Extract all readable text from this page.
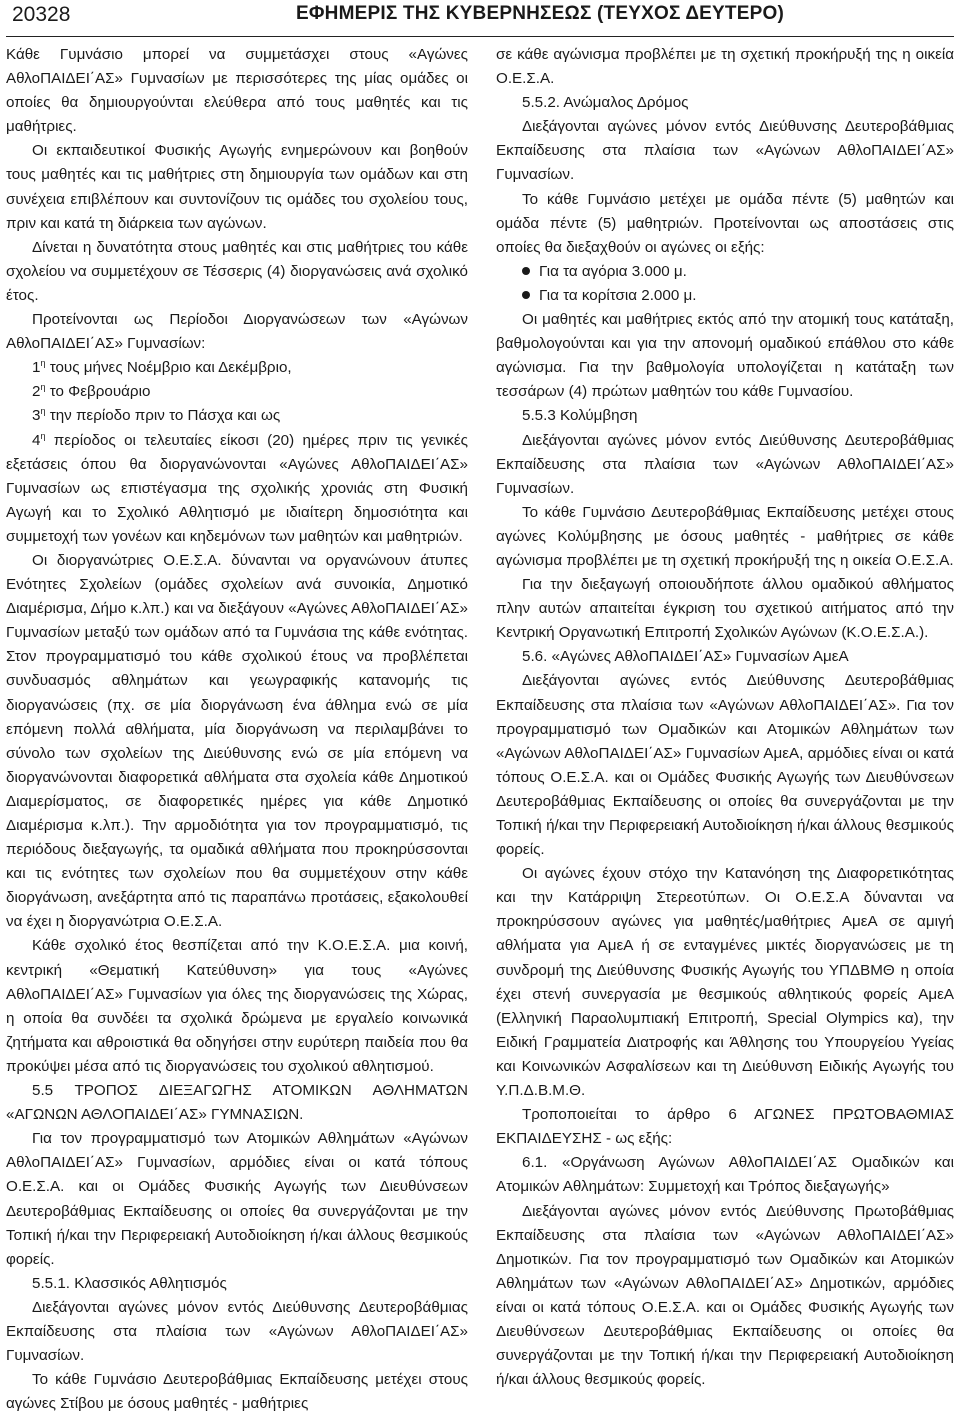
20328	ΕΦΗΜΕΡΙΣ ΤΗΣ ΚΥΒΕΡΝΗΣΕΩΣ (ΤΕΥΧΟΣ ΔΕΥΤΕΡΟ)

Κάθε Γυμνάσιο μπορεί να συμμετάσχει στους «Αγώνες ΑθλοΠΑΙΔΕΙ΄ΑΣ» Γυμνασίων με περισσότερες της μίας ομάδες οι οποίες θα δημιουργούνται ελεύθερα από τους μαθητές και τις μαθήτριες.

Οι εκπαιδευτικοί Φυσικής Αγωγής ενημερώνουν και βοηθούν τους μαθητές και τις μαθήτριες στη δημιουργία των ομάδων και στη συνέχεια επιβλέπουν και συντονίζουν τις ομάδες του σχολείου τους, πριν και κατά τη διάρκεια των αγώνων.

Δίνεται η δυνατότητα στους μαθητές και στις μαθήτριες του κάθε σχολείου να συμμετέχουν σε Τέσσερις (4) διοργανώσεις ανά σχολικό έτος.

Προτείνονται ως Περίοδοι Διοργανώσεων των «Αγώνων ΑθλοΠΑΙΔΕΙ΄ΑΣ» Γυμνασίων:

$1^\eta$ τους μήνες Νοέμβριο και Δεκέμβριο,

$2^\eta$ το Φεβρουάριο

$3^\eta$ την περίοδο πριν το Πάσχα και ως

$4^\eta$ περίοδος οι τελευταίες είκοσι (20) ημέρες πριν τις γενικές εξετάσεις όπου θα διοργανώνονται «Αγώνες ΑθλοΠΑΙΔΕΙ΄ΑΣ» Γυμνασίων ως επιστέγασμα της σχολικής χρονιάς στη Φυσική Αγωγή και το Σχολικό Αθλητισμό με ιδιαίτερη δημοσιότητα και συμμετοχή των γονέων και κηδεμόνων των μαθητών και μαθητριών.

Οι διοργανώτριες Ο.Ε.Σ.Α. δύνανται να οργανώνουν άτυπες Ενότητες Σχολείων (ομάδες σχολείων ανά συνοικία, Δημοτικό Διαμέρισμα, Δήμο κ.λπ.) και να διεξάγουν «Αγώνες ΑθλοΠΑΙΔΕΙ΄ΑΣ» Γυμνασίων μεταξύ των ομάδων από τα Γυμνάσια της κάθε ενότητας. Στον προγραμματισμό του κάθε σχολικού έτους να προβλέπεται συνδυασμός αθλημάτων και γεωγραφικής κατανομής τις διοργανώσεις (πχ. σε μία διοργάνωση ένα άθλημα ενώ σε μία επόμενη πολλά αθλήματα, μία διοργάνωση να περιλαμβάνει το σύνολο των σχολείων της Διεύθυνσης ενώ σε μία επόμενη να διοργανώνονται διαφορετικά αθλήματα στα σχολεία κάθε Δημοτικού Διαμερίσματος, σε διαφορετικές ημέρες για κάθε Δημοτικό Διαμέρισμα κ.λπ.). Την αρμοδιότητα για τον προγραμματισμό, τις περιόδους διεξαγωγής, τα ομαδικά αθλήματα που προκηρύσσονται και τις ενότητες των σχολείων που θα συμμετέχουν στην κάθε διοργάνωση, ανεξάρτητα από τις παραπάνω προτάσεις, εξακολουθεί να έχει η διοργανώτρια Ο.Ε.Σ.Α.

Κάθε σχολικό έτος θεσπίζεται από την Κ.Ο.Ε.Σ.Α. μια κοινή, κεντρική «Θεματική Κατεύθυνση» για τους «Αγώνες ΑθλοΠΑΙΔΕΙ΄ΑΣ» Γυμνασίων για όλες της διοργανώσεις της Χώρας, η οποία θα συνδέει τα σχολικά δρώμενα με εργαλείο κοινωνικά ζητήματα και αθροιστικά θα οδηγήσει στην ευρύτερη παιδεία που θα προκύψει μέσα από τις διοργανώσεις του σχολικού αθλητισμού.

5.5 ΤΡΟΠΟΣ ΔΙΕΞΑΓΩΓΗΣ ΑΤΟΜΙΚΩΝ ΑΘΛΗΜΑΤΩΝ «ΑΓΩΝΩΝ ΑΘΛΟΠΑΙΔΕΙ΄ΑΣ» ΓΥΜΝΑΣΙΩΝ.

Για τον προγραμματισμό των Ατομικών Αθλημάτων «Αγώνων ΑθλοΠΑΙΔΕΙ΄ΑΣ» Γυμνασίων, αρμόδιες είναι οι κατά τόπους Ο.Ε.Σ.Α. και οι Ομάδες Φυσικής Αγωγής των Διευθύνσεων Δευτεροβάθμιας Εκπαίδευσης οι οποίες θα συνεργάζονται με την Τοπική ή/και την Περιφερειακή Αυτοδιοίκηση ή/και άλλους θεσμικούς φορείς.

5.5.1. Κλασσικός Αθλητισμός

Διεξάγονται αγώνες μόνον εντός Διεύθυνσης Δευτεροβάθμιας Εκπαίδευσης στα πλαίσια των «Αγώνων ΑθλοΠΑΙΔΕΙ΄ΑΣ» Γυμνασίων.

Το κάθε Γυμνάσιο Δευτεροβάθμιας Εκπαίδευσης μετέχει στους αγώνες Στίβου με όσους μαθητές - μαθήτριες

σε κάθε αγώνισμα προβλέπει με τη σχετική προκήρυξή της η οικεία Ο.Ε.Σ.Α.

5.5.2. Ανώμαλος Δρόμος

Διεξάγονται αγώνες μόνον εντός Διεύθυνσης Δευτεροβάθμιας Εκπαίδευσης στα πλαίσια των «Αγώνων ΑθλοΠΑΙΔΕΙ΄ΑΣ» Γυμνασίων.

Το κάθε Γυμνάσιο μετέχει με ομάδα πέντε (5) μαθητών και ομάδα πέντε (5) μαθητριών. Προτείνονται ως αποστάσεις στις οποίες θα διεξαχθούν οι αγώνες οι εξής:

Για τα αγόρια 3.000 μ.

Για τα κορίτσια 2.000 μ.

Οι μαθητές και μαθήτριες εκτός από την ατομική τους κατάταξη, βαθμολογούνται και για την απονομή ομαδικού επάθλου στο κάθε αγώνισμα. Για την βαθμολογία υπολογίζεται η κατάταξη των τεσσάρων (4) πρώτων μαθητών του κάθε Γυμνασίου.

5.5.3 Κολύμβηση

Διεξάγονται αγώνες μόνον εντός Διεύθυνσης Δευτεροβάθμιας Εκπαίδευσης στα πλαίσια των «Αγώνων ΑθλοΠΑΙΔΕΙ΄ΑΣ» Γυμνασίων.

Το κάθε Γυμνάσιο Δευτεροβάθμιας Εκπαίδευσης μετέχει στους αγώνες Κολύμβησης με όσους μαθητές - μαθήτριες σε κάθε αγώνισμα προβλέπει με τη σχετική προκήρυξή της η οικεία Ο.Ε.Σ.Α.

Για την διεξαγωγή οποιουδήποτε άλλου ομαδικού αθλήματος πλην αυτών απαιτείται έγκριση του σχετικού αιτήματος από την Κεντρική Οργανωτική Επιτροπή Σχολικών Αγώνων (Κ.Ο.Ε.Σ.Α.).

5.6. «Αγώνες ΑθλοΠΑΙΔΕΙ΄ΑΣ» Γυμνασίων ΑμεΑ

Διεξάγονται αγώνες εντός Διεύθυνσης Δευτεροβάθμιας Εκπαίδευσης στα πλαίσια των «Αγώνων ΑθλοΠΑΙΔΕΙ΄ΑΣ». Για τον προγραμματισμό των Ομαδικών και Ατομικών Αθλημάτων των «Αγώνων ΑθλοΠΑΙΔΕΙ΄ΑΣ» Γυμνασίων ΑμεΑ, αρμόδιες είναι οι κατά τόπους Ο.Ε.Σ.Α. και οι Ομάδες Φυσικής Αγωγής των Διευθύνσεων Δευτεροβάθμιας Εκπαίδευσης οι οποίες θα συνεργάζονται με την Τοπική ή/και την Περιφερειακή Αυτοδιοίκηση ή/και άλλους θεσμικούς φορείς.

Οι αγώνες έχουν στόχο την Κατανόηση της Διαφορετικότητας και την Κατάρριψη Στερεοτύπων. Οι Ο.Ε.Σ.Α δύνανται να προκηρύσσουν αγώνες για μαθητές/μαθήτριες ΑμεΑ σε αμιγή αθλήματα για ΑμεΑ ή σε ενταγμένες μικτές διοργανώσεις με τη συνδρομή της Διεύθυνσης Φυσικής Αγωγής του ΥΠΔΒΜΘ η οποία έχει στενή συνεργασία με θεσμικούς αθλητικούς φορείς ΑμεΑ (Ελληνική Παραολυμπιακή Επιτροπή, Special Olympics κα), την Ειδική Γραμματεία Διατροφής και Άθλησης του Υπουργείου Υγείας και Κοινωνικών Ασφαλίσεων και τη Διεύθυνση Ειδικής Αγωγής του Υ.Π.Δ.Β.Μ.Θ.

Τροποποιείται το άρθρο 6 ΑΓΩΝΕΣ ΠΡΩΤΟΒΑΘΜΙΑΣ ΕΚΠΑΙΔΕΥΣΗΣ - ως εξής:

6.1. «Οργάνωση Αγώνων ΑθλοΠΑΙΔΕΙ΄ΑΣ Ομαδικών και Ατομικών Αθλημάτων: Συμμετοχή και Τρόπος διεξαγωγής»

Διεξάγονται αγώνες μόνον εντός Διεύθυνσης Πρωτοβάθμιας Εκπαίδευσης στα πλαίσια των «Αγώνων ΑθλοΠΑΙΔΕΙ΄ΑΣ» Δημοτικών. Για τον προγραμματισμό των Ομαδικών και Ατομικών Αθλημάτων των «Αγώνων ΑθλοΠΑΙΔΕΙ΄ΑΣ» Δημοτικών, αρμόδιες είναι οι κατά τόπους Ο.Ε.Σ.Α. και οι Ομάδες Φυσικής Αγωγής των Διευθύνσεων Δευτεροβάθμιας Εκπαίδευσης οι οποίες θα συνεργάζονται με την Τοπική ή/και την Περιφερειακή Αυτοδιοίκηση ή/και άλλους θεσμικούς φορείς.
